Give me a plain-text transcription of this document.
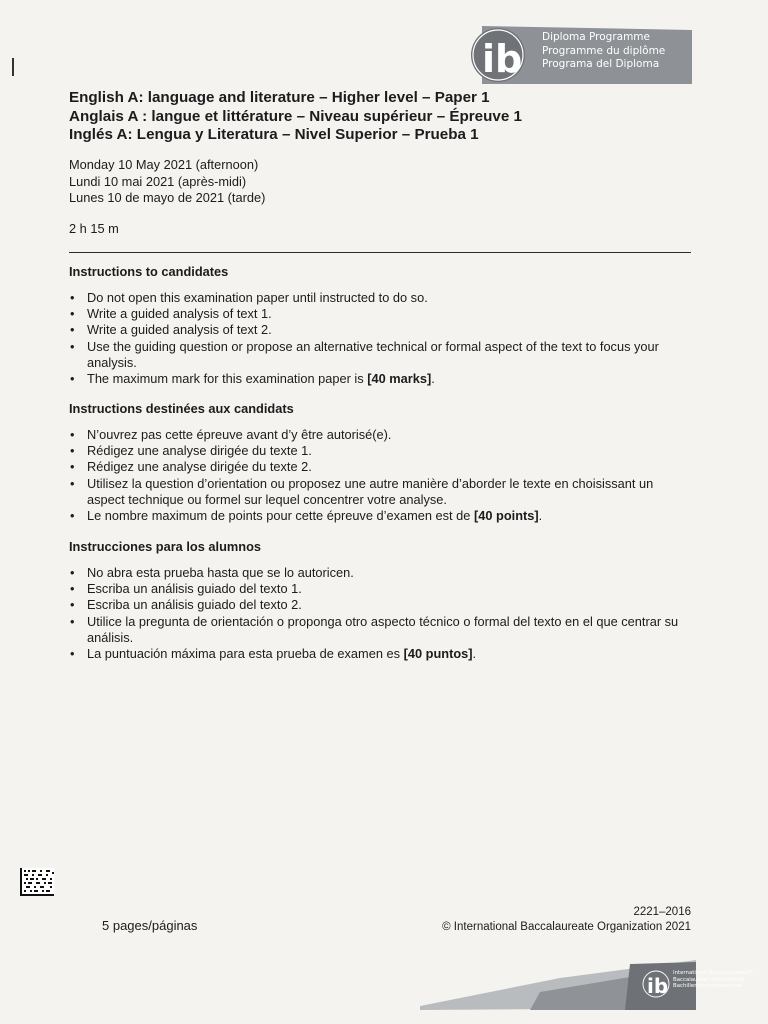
ib Diploma Programme
Programme du diplôme
Programa del Diploma
English A: language and literature – Higher level – Paper 1
Anglais A : langue et littérature – Niveau supérieur – Épreuve 1
Inglés A: Lengua y Literatura – Nivel Superior – Prueba 1
Monday 10 May 2021 (afternoon)
Lundi 10 mai 2021 (après-midi)
Lunes 10 de mayo de 2021 (tarde)
2 h 15 m
Instructions to candidates
• Do not open this examination paper until instructed to do so.
• Write a guided analysis of text 1.
• Write a guided analysis of text 2.
• Use the guiding question or propose an alternative technical or formal aspect of the text to focus your analysis.
• The maximum mark for this examination paper is [40 marks].
Instructions destinées aux candidats
• N’ouvrez pas cette épreuve avant d’y être autorisé(e).
• Rédigez une analyse dirigée du texte 1.
• Rédigez une analyse dirigée du texte 2.
• Utilisez la question d’orientation ou proposez une autre manière d’aborder le texte en choisissant un aspect technique ou formel sur lequel concentrer votre analyse.
• Le nombre maximum de points pour cette épreuve d’examen est de [40 points].
Instrucciones para los alumnos
• No abra esta prueba hasta que se lo autoricen.
• Escriba un análisis guiado del texto 1.
• Escriba un análisis guiado del texto 2.
• Utilice la pregunta de orientación o proponga otro aspecto técnico o formal del texto en el que centrar su análisis.
• La puntuación máxima para esta prueba de examen es [40 puntos].
5 pages/páginas
2221–2016
© International Baccalaureate Organization 2021
ib
International Baccalaureate®
Baccalauréat International
Bachillerato Internacional
